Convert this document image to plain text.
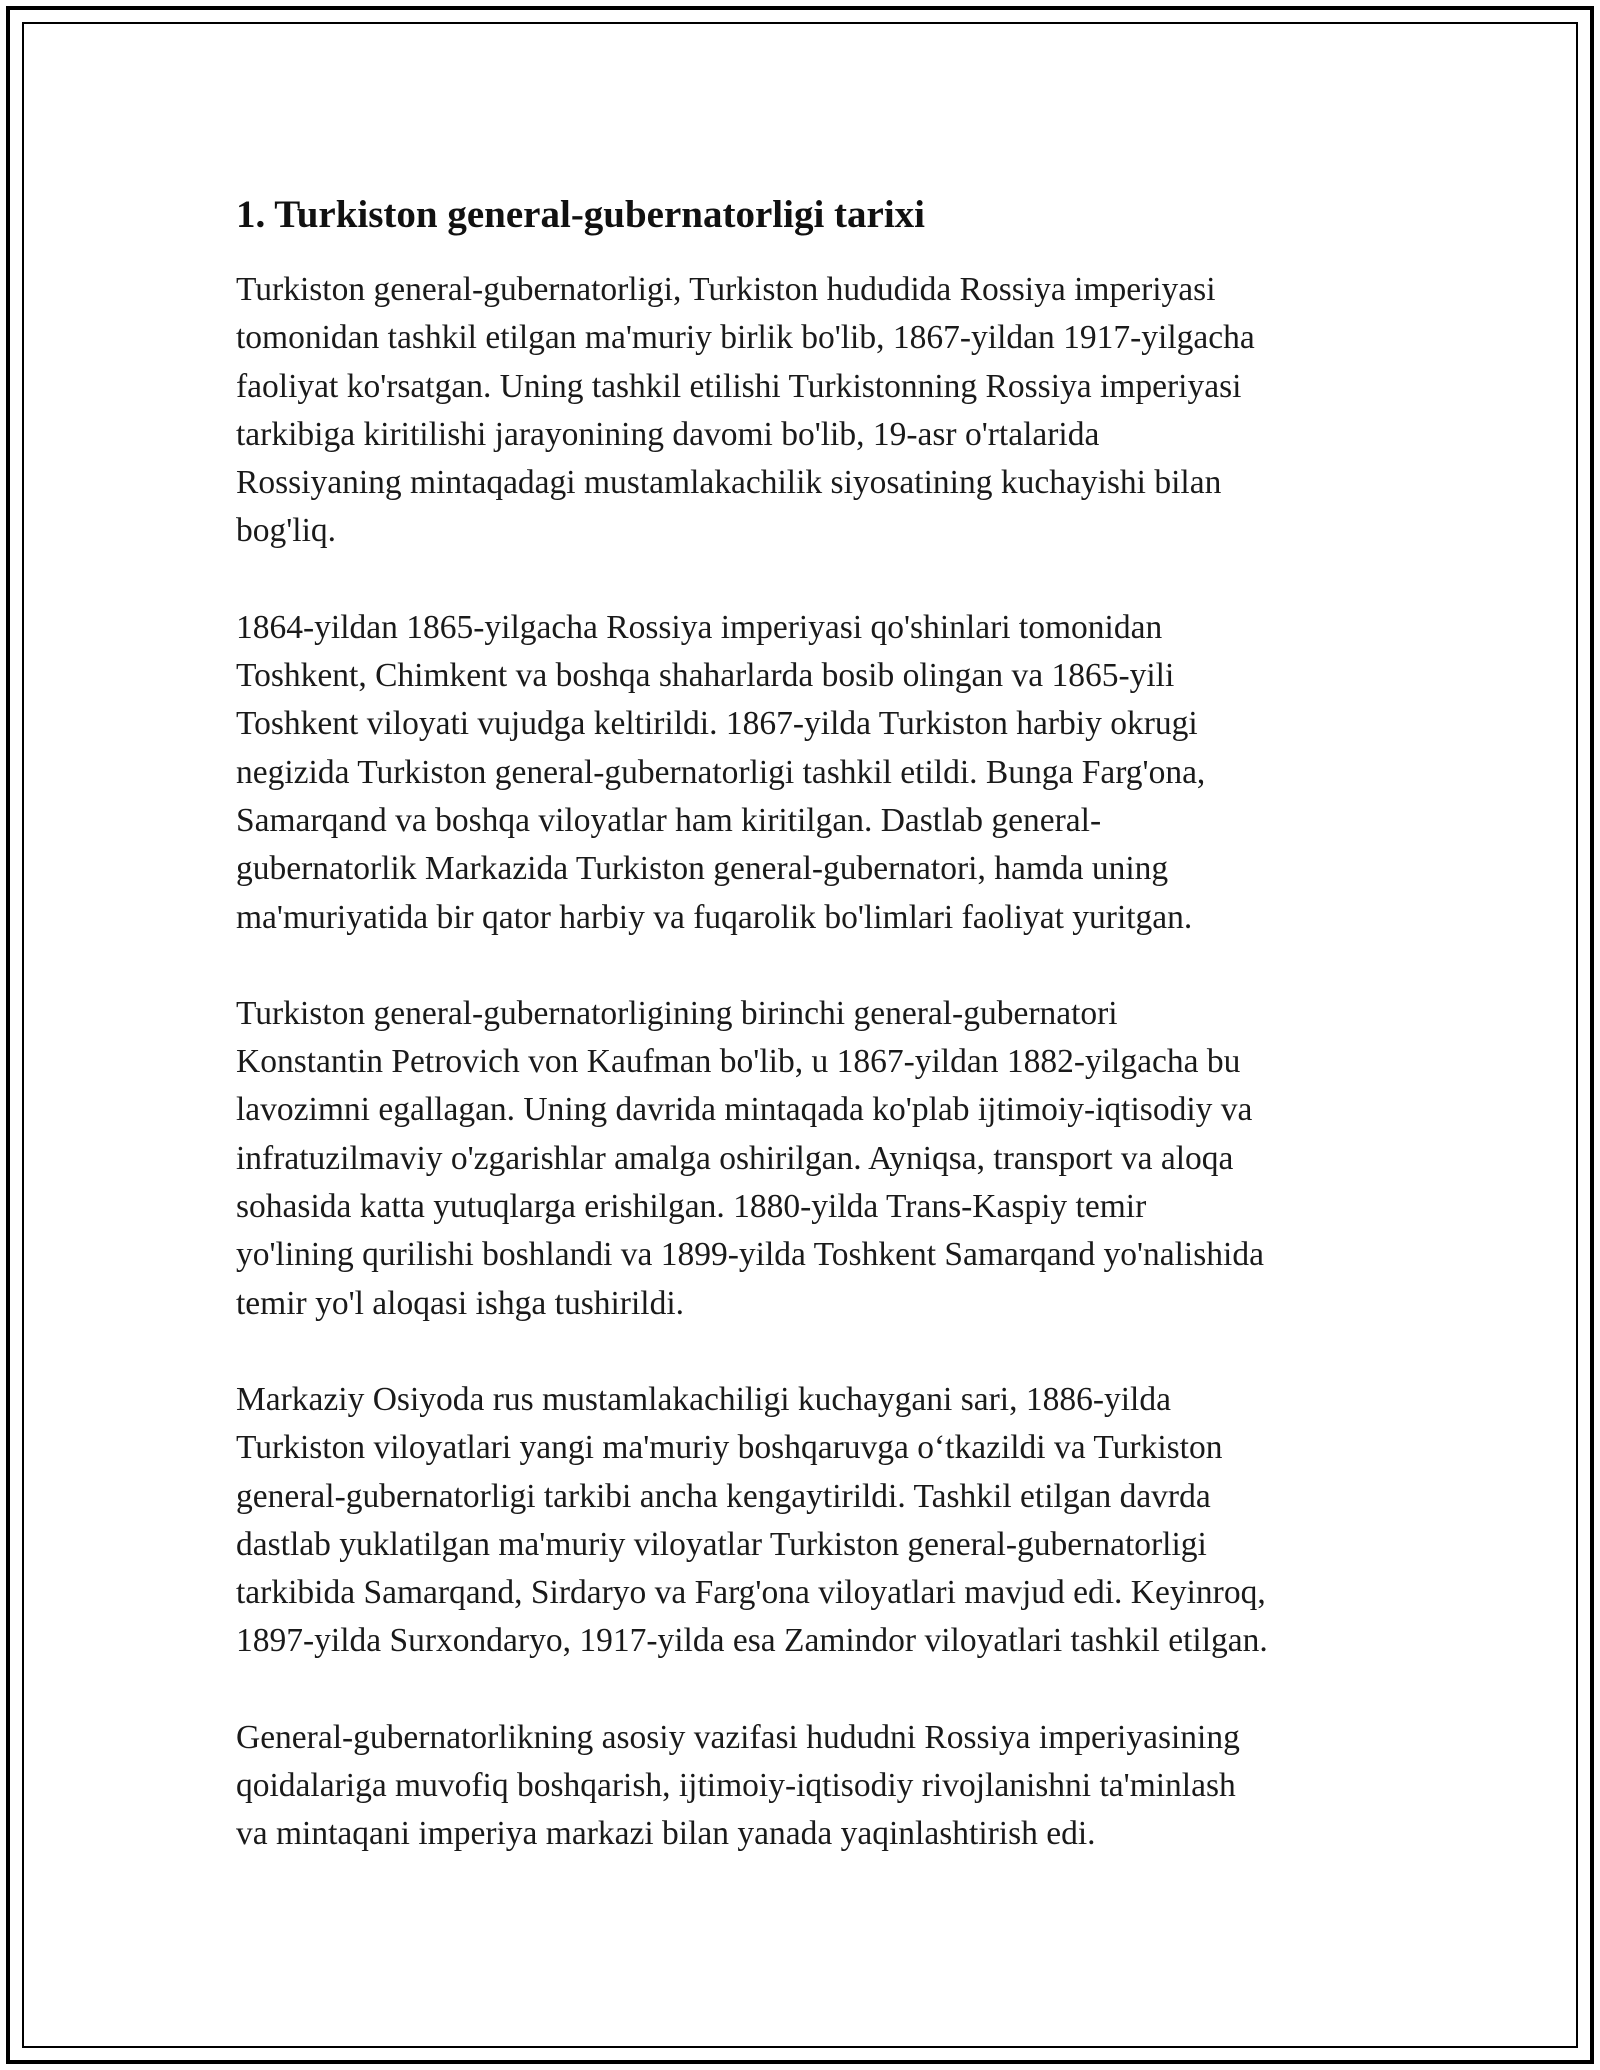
1. Turkiston general-gubernatorligi tarixi

Turkiston general-gubernatorligi, Turkiston hududida Rossiya imperiyasi
tomonidan tashkil etilgan ma'muriy birlik bo'lib, 1867-yildan 1917-yilgacha
faoliyat ko'rsatgan. Uning tashkil etilishi Turkistonning Rossiya imperiyasi
tarkibiga kiritilishi jarayonining davomi bo'lib, 19-asr o'rtalarida
Rossiyaning mintaqadagi mustamlakachilik siyosatining kuchayishi bilan
bog'liq.

1864-yildan 1865-yilgacha Rossiya imperiyasi qo'shinlari tomonidan
Toshkent, Chimkent va boshqa shaharlarda bosib olingan va 1865-yili
Toshkent viloyati vujudga keltirildi. 1867-yilda Turkiston harbiy okrugi
negizida Turkiston general-gubernatorligi tashkil etildi. Bunga Farg'ona,
Samarqand va boshqa viloyatlar ham kiritilgan. Dastlab general-
gubernatorlik Markazida Turkiston general-gubernatori, hamda uning
ma'muriyatida bir qator harbiy va fuqarolik bo'limlari faoliyat yuritgan.

Turkiston general-gubernatorligining birinchi general-gubernatori
Konstantin Petrovich von Kaufman bo'lib, u 1867-yildan 1882-yilgacha bu
lavozimni egallagan. Uning davrida mintaqada ko'plab ijtimoiy-iqtisodiy va
infratuzilmaviy o'zgarishlar amalga oshirilgan. Ayniqsa, transport va aloqa
sohasida katta yutuqlarga erishilgan. 1880-yilda Trans-Kaspiy temir
yo'lining qurilishi boshlandi va 1899-yilda Toshkent Samarqand yo'nalishida
temir yo'l aloqasi ishga tushirildi.

Markaziy Osiyoda rus mustamlakachiligi kuchaygani sari, 1886-yilda
Turkiston viloyatlari yangi ma'muriy boshqaruvga o‘tkazildi va Turkiston
general-gubernatorligi tarkibi ancha kengaytirildi. Tashkil etilgan davrda
dastlab yuklatilgan ma'muriy viloyatlar Turkiston general-gubernatorligi
tarkibida Samarqand, Sirdaryo va Farg'ona viloyatlari mavjud edi. Keyinroq,
1897-yilda Surxondaryo, 1917-yilda esa Zamindor viloyatlari tashkil etilgan.

General-gubernatorlikning asosiy vazifasi hududni Rossiya imperiyasining
qoidalariga muvofiq boshqarish, ijtimoiy-iqtisodiy rivojlanishni ta'minlash
va mintaqani imperiya markazi bilan yanada yaqinlashtirish edi.
